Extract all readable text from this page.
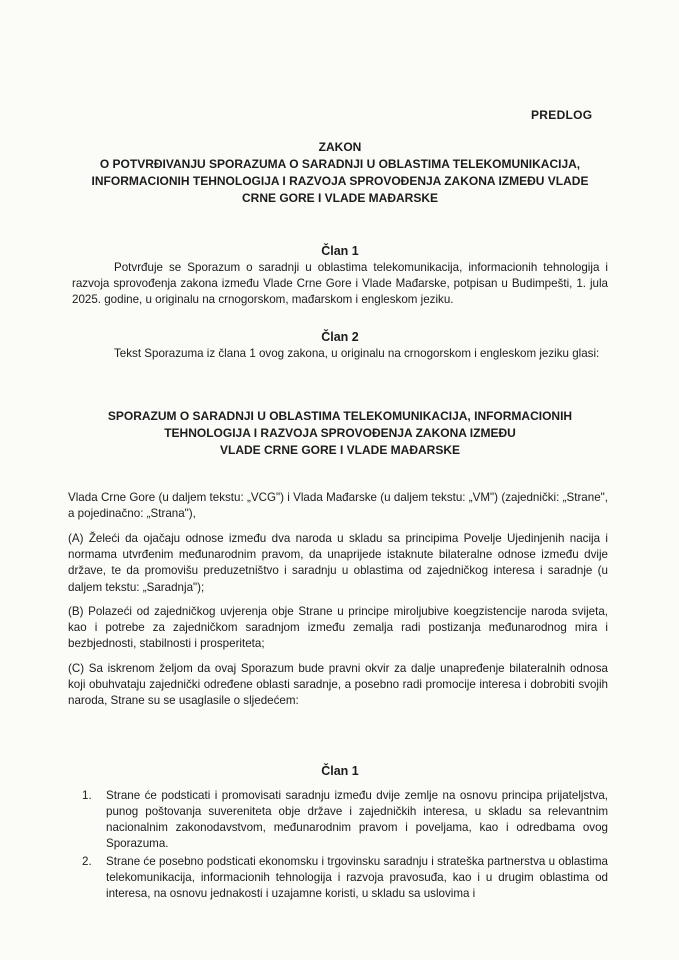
PREDLOG
ZAKON
O POTVRĐIVANJU SPORAZUMA O SARADNJI U OBLASTIMA TELEKOMUNIKACIJA,
INFORMACIONIH TEHNOLOGIJA I RAZVOJA SPROVOĐENJA ZAKONA IZMEĐU VLADE
CRNE GORE I VLADE MAĐARSKE
Član 1
Potvrđuje se Sporazum o saradnji u oblastima telekomunikacija, informacionih tehnologija i razvoja sprovođenja zakona između Vlade Crne Gore i Vlade Mađarske, potpisan u Budimpešti, 1. jula 2025. godine, u originalu na crnogorskom, mađarskom i engleskom jeziku.
Član 2
Tekst Sporazuma iz člana 1 ovog zakona, u originalu na crnogorskom i engleskom jeziku glasi:
SPORAZUM O SARADNJI U OBLASTIMA TELEKOMUNIKACIJA, INFORMACIONIH
TEHNOLOGIJA I RAZVOJA SPROVOĐENJA ZAKONA IZMEĐU
VLADE CRNE GORE I VLADE MAĐARSKE
Vlada Crne Gore (u daljem tekstu: „VCG") i Vlada Mađarske (u daljem tekstu: „VM") (zajednički: „Strane", a pojedinačno: „Strana"),
(A) Želeći da ojačaju odnose između dva naroda u skladu sa principima Povelje Ujedinjenih nacija i normama utvrđenim međunarodnim pravom, da unaprijede istaknute bilateralne odnose između dvije države, te da promovišu preduzetništvo i saradnju u oblastima od zajedničkog interesa i saradnje (u daljem tekstu: „Saradnja");
(B) Polazeći od zajedničkog uvjerenja obje Strane u principe miroljubive koegzistencije naroda svijeta, kao i potrebe za zajedničkom saradnjom između zemalja radi postizanja međunarodnog mira i bezbjednosti, stabilnosti i prosperiteta;
(C) Sa iskrenom željom da ovaj Sporazum bude pravni okvir za dalje unapređenje bilateralnih odnosa koji obuhvataju zajednički određene oblasti saradnje, a posebno radi promocije interesa i dobrobiti svojih naroda, Strane su se usaglasile o sljedećem:
Član 1
1. Strane će podsticati i promovisati saradnju između dvije zemlje na osnovu principa prijateljstva, punog poštovanja suvereniteta obje države i zajedničkih interesa, u skladu sa relevantnim nacionalnim zakonodavstvom, međunarodnim pravom i poveljama, kao i odredbama ovog Sporazuma.
2. Strane će posebno podsticati ekonomsku i trgovinsku saradnju i strateška partnerstva u oblastima telekomunikacija, informacionih tehnologija i razvoja pravosuđa, kao i u drugim oblastima od interesa, na osnovu jednakosti i uzajamne koristi, u skladu sa uslovima i
